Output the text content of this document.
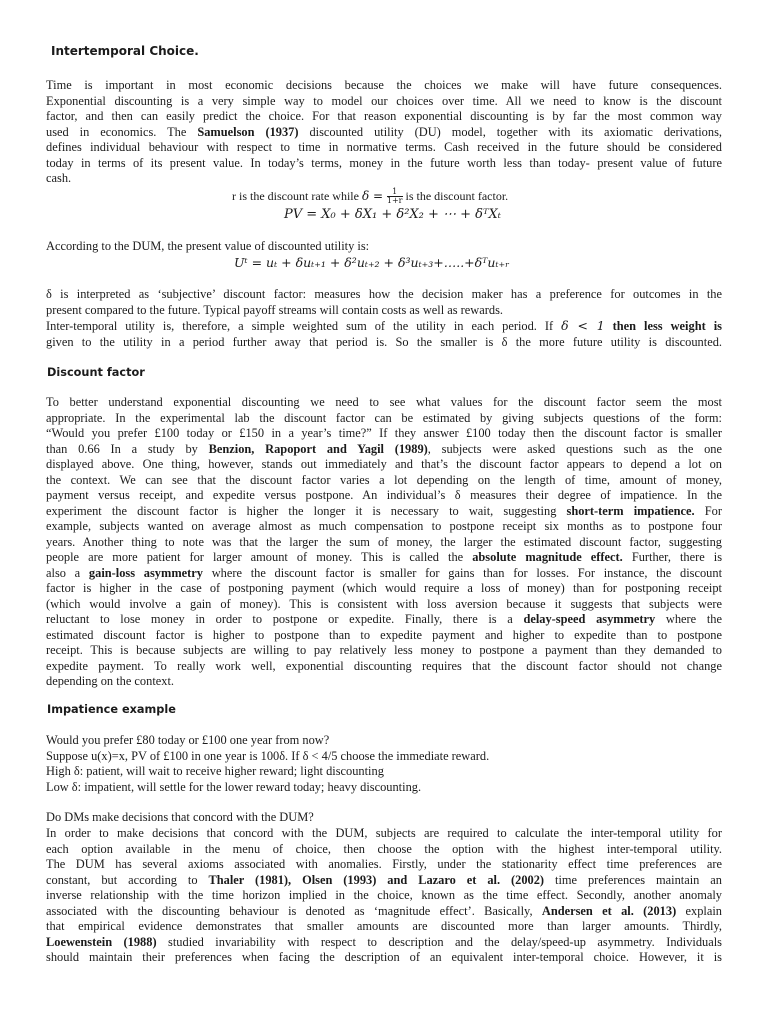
Intertemporal Choice.
Time is important in most economic decisions because the choices we make will have future consequences.
Exponential discounting is a very simple way to model our choices over time. All we need to know is the discount
factor, and then can easily predict the choice. For that reason exponential discounting is by far the most common way
used in economics. The Samuelson (1937) discounted utility (DU) model, together with its axiomatic derivations,
defines individual behaviour with respect to time in normative terms. Cash received in the future should be considered
today in terms of its present value. In today’s terms, money in the future worth less than today- present value of future
cash.
r is the discount rate while $\delta = \frac{1}{1+r}$ is the discount factor.
PV = X₀ + δX₁ + δ²X₂ + ⋯ + δᵀXₜ
According to the DUM, the present value of discounted utility is:
Uᵗ = uₜ + δuₜ₊₁ + δ²uₜ₊₂ + δ³uₜ₊₃+…..+δᵀuₜ₊ᵣ
δ is interpreted as ‘subjective’ discount factor: measures how the decision maker has a preference for outcomes in the
present compared to the future. Typical payoff streams will contain costs as well as rewards.
Inter-temporal utility is, therefore, a simple weighted sum of the utility in each period. If δ < 1 then less weight is
given to the utility in a period further away that period is. So the smaller is δ the more future utility is discounted.
Discount factor
To better understand exponential discounting we need to see what values for the discount factor seem the most
appropriate. In the experimental lab the discount factor can be estimated by giving subjects questions of the form:
“Would you prefer £100 today or £150 in a year’s time?” If they answer £100 today then the discount factor is smaller
than 0.66 In a study by Benzion, Rapoport and Yagil (1989), subjects were asked questions such as the one
displayed above. One thing, however, stands out immediately and that’s the discount factor appears to depend a lot on
the context. We can see that the discount factor varies a lot depending on the length of time, amount of money,
payment versus receipt, and expedite versus postpone. An individual’s δ measures their degree of impatience. In the
experiment the discount factor is higher the longer it is necessary to wait, suggesting short-term impatience. For
example, subjects wanted on average almost as much compensation to postpone receipt six months as to postpone four
years. Another thing to note was that the larger the sum of money, the larger the estimated discount factor, suggesting
people are more patient for larger amount of money. This is called the absolute magnitude effect. Further, there is
also a gain-loss asymmetry where the discount factor is smaller for gains than for losses. For instance, the discount
factor is higher in the case of postponing payment (which would require a loss of money) than for postponing receipt
(which would involve a gain of money). This is consistent with loss aversion because it suggests that subjects were
reluctant to lose money in order to postpone or expedite. Finally, there is a delay-speed asymmetry where the
estimated discount factor is higher to postpone than to expedite payment and higher to expedite than to postpone
receipt. This is because subjects are willing to pay relatively less money to postpone a payment than they demanded to
expedite payment. To really work well, exponential discounting requires that the discount factor should not change
depending on the context.
Impatience example
Would you prefer £80 today or £100 one year from now?
Suppose u(x)=x, PV of £100 in one year is 100δ. If δ < 4/5 choose the immediate reward.
High δ: patient, will wait to receive higher reward; light discounting
Low δ: impatient, will settle for the lower reward today; heavy discounting.
Do DMs make decisions that concord with the DUM?
In order to make decisions that concord with the DUM, subjects are required to calculate the inter-temporal utility for
each option available in the menu of choice, then choose the option with the highest inter-temporal utility.
The DUM has several axioms associated with anomalies. Firstly, under the stationarity effect time preferences are
constant, but according to Thaler (1981), Olsen (1993) and Lazaro et al. (2002) time preferences maintain an
inverse relationship with the time horizon implied in the choice, known as the time effect. Secondly, another anomaly
associated with the discounting behaviour is denoted as ‘magnitude effect’. Basically, Andersen et al. (2013) explain
that empirical evidence demonstrates that smaller amounts are discounted more than larger amounts. Thirdly,
Loewenstein (1988) studied invariability with respect to description and the delay/speed-up asymmetry. Individuals
should maintain their preferences when facing the description of an equivalent inter-temporal choice. However, it is
